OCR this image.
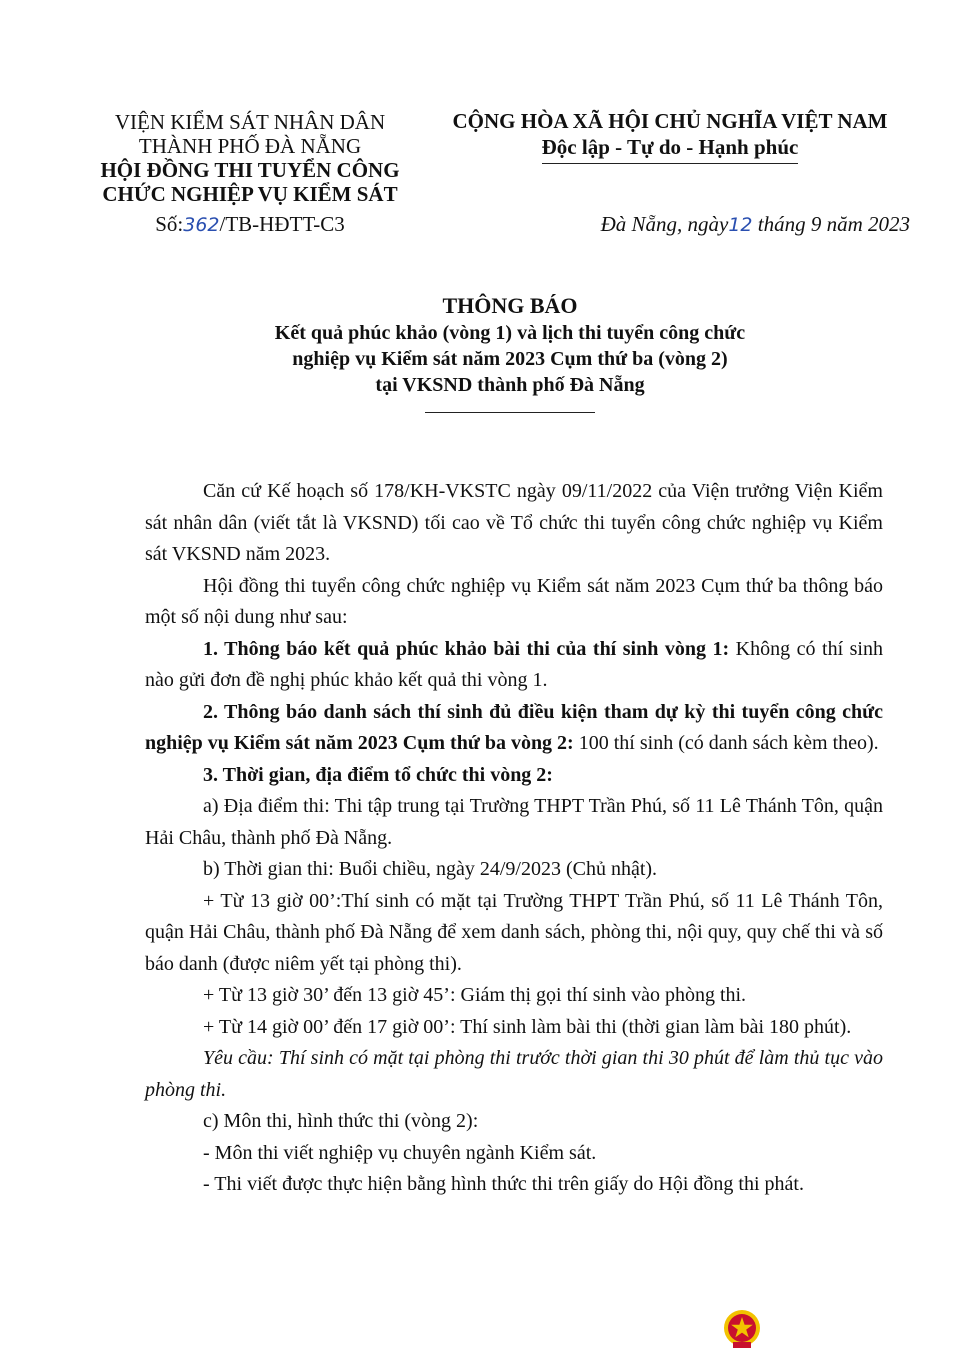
VIỆN KIỂM SÁT NHÂN DÂN
THÀNH PHỐ ĐÀ NẴNG
HỘI ĐỒNG THI TUYỂN CÔNG
CHỨC NGHIỆP VỤ KIỂM SÁT
Số:362/TB-HĐTT-C3
CỘNG HÒA XÃ HỘI CHỦ NGHĨA VIỆT NAM
Độc lập - Tự do - Hạnh phúc
Đà Nẵng, ngày12 tháng 9 năm 2023
THÔNG BÁO
Kết quả phúc khảo (vòng 1) và lịch thi tuyển công chức
nghiệp vụ Kiểm sát năm 2023 Cụm thứ ba (vòng 2)
tại VKSND thành phố Đà Nẵng

Căn cứ Kế hoạch số 178/KH-VKSTC ngày 09/11/2022 của Viện trưởng Viện Kiểm sát nhân dân (viết tắt là VKSND) tối cao về Tổ chức thi tuyển công chức nghiệp vụ Kiểm sát VKSND năm 2023.

Hội đồng thi tuyển công chức nghiệp vụ Kiểm sát năm 2023 Cụm thứ ba thông báo một số nội dung như sau:

1. Thông báo kết quả phúc khảo bài thi của thí sinh vòng 1: Không có thí sinh nào gửi đơn đề nghị phúc khảo kết quả thi vòng 1.

2. Thông báo danh sách thí sinh đủ điều kiện tham dự kỳ thi tuyển công chức nghiệp vụ Kiểm sát năm 2023 Cụm thứ ba vòng 2: 100 thí sinh (có danh sách kèm theo).

3. Thời gian, địa điểm tổ chức thi vòng 2:

a) Địa điểm thi: Thi tập trung tại Trường THPT Trần Phú, số 11 Lê Thánh Tôn, quận Hải Châu, thành phố Đà Nẵng.

b) Thời gian thi: Buổi chiều, ngày 24/9/2023 (Chủ nhật).

+ Từ 13 giờ 00’:Thí sinh có mặt tại Trường THPT Trần Phú, số 11 Lê Thánh Tôn, quận Hải Châu, thành phố Đà Nẵng để xem danh sách, phòng thi, nội quy, quy chế thi và số báo danh (được niêm yết tại phòng thi).

+ Từ 13 giờ 30’ đến 13 giờ 45’: Giám thị gọi thí sinh vào phòng thi.

+ Từ 14 giờ 00’ đến 17 giờ 00’: Thí sinh làm bài thi (thời gian làm bài 180 phút).

Yêu cầu: Thí sinh có mặt tại phòng thi trước thời gian thi 30 phút để làm thủ tục vào phòng thi.

c) Môn thi, hình thức thi (vòng 2):

- Môn thi viết nghiệp vụ chuyên ngành Kiểm sát.

- Thi viết được thực hiện bằng hình thức thi trên giấy do Hội đồng thi phát.
